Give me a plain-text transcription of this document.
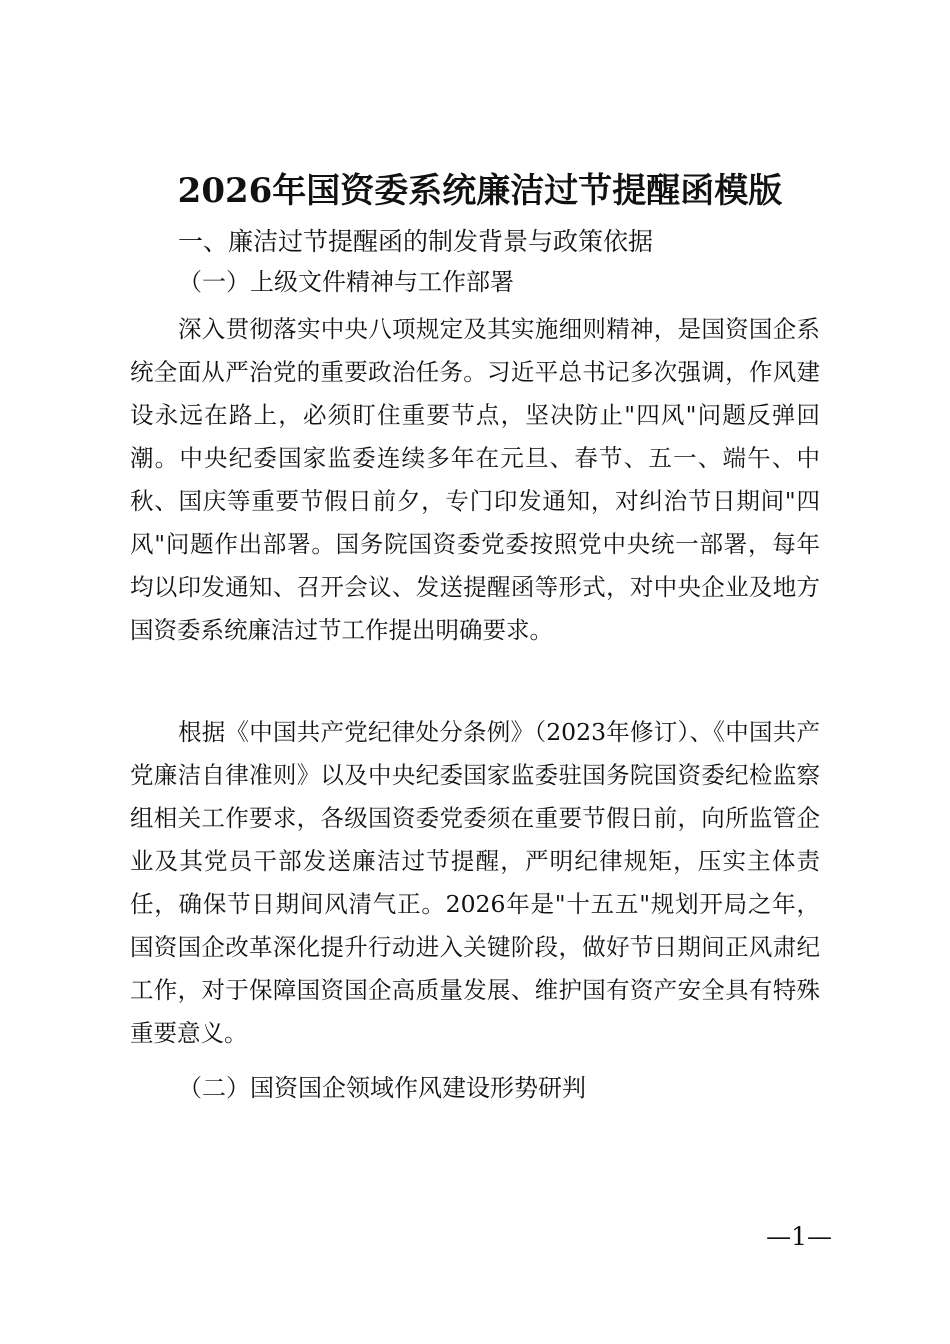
2026年国资委系统廉洁过节提醒函模版
一、廉洁过节提醒函的制发背景与政策依据
（一）上级文件精神与工作部署

深入贯彻落实中央八项规定及其实施细则精神，是国资国企系统全面从严治党的重要政治任务。习近平总书记多次强调，作风建设永远在路上，必须盯住重要节点，坚决防止"四风"问题反弹回潮。中央纪委国家监委连续多年在元旦、春节、五一、端午、中秋、国庆等重要节假日前夕，专门印发通知，对纠治节日期间"四风"问题作出部署。国务院国资委党委按照党中央统一部署，每年均以印发通知、召开会议、发送提醒函等形式，对中央企业及地方国资委系统廉洁过节工作提出明确要求。

根据《中国共产党纪律处分条例》（2023年修订）、《中国共产党廉洁自律准则》以及中央纪委国家监委驻国务院国资委纪检监察组相关工作要求，各级国资委党委须在重要节假日前，向所监管企业及其党员干部发送廉洁过节提醒，严明纪律规矩，压实主体责任，确保节日期间风清气正。2026年是"十五五"规划开局之年，国资国企改革深化提升行动进入关键阶段，做好节日期间正风肃纪工作，对于保障国资国企高质量发展、维护国有资产安全具有特殊重要意义。

（二）国资国企领域作风建设形势研判
—1—
